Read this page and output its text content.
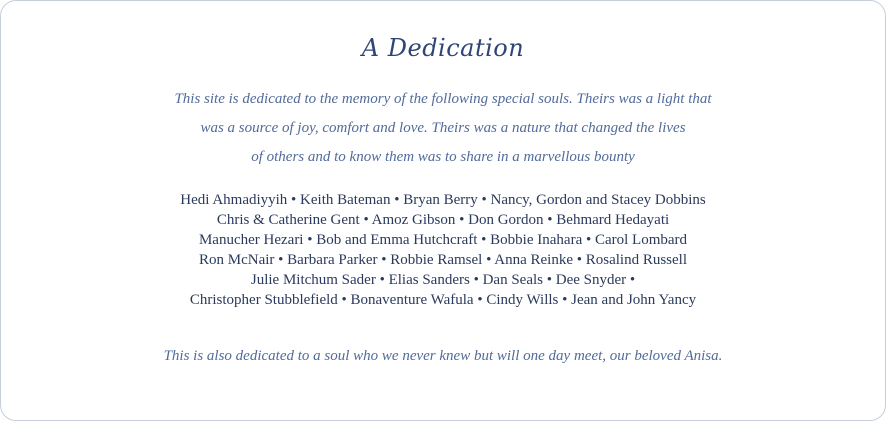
A Dedication
This site is dedicated to the memory of the following special souls. Theirs was a light that
was a source of joy, comfort and love. Theirs was a nature that changed the lives
of others and to know them was to share in a marvellous bounty
Hedi Ahmadiyyih • Keith Bateman • Bryan Berry • Nancy, Gordon and Stacey Dobbins
Chris & Catherine Gent • Amoz Gibson • Don Gordon • Behmard Hedayati
Manucher Hezari • Bob and Emma Hutchcraft • Bobbie Inahara • Carol Lombard
Ron McNair • Barbara Parker • Robbie Ramsel • Anna Reinke • Rosalind Russell
Julie Mitchum Sader • Elias Sanders • Dan Seals • Dee Snyder •
Christopher Stubblefield • Bonaventure Wafula • Cindy Wills • Jean and John Yancy
This is also dedicated to a soul who we never knew but will one day meet, our beloved Anisa.
